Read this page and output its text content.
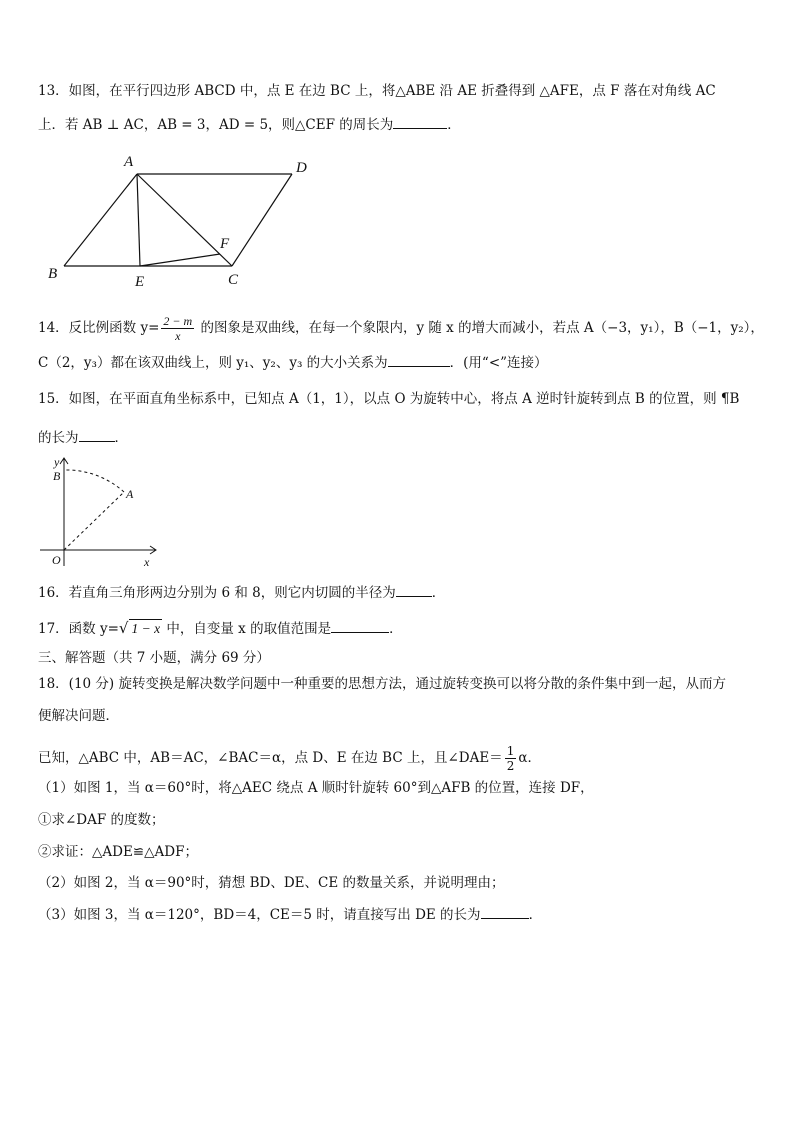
13．如图，在平行四边形 ABCD 中，点 E 在边 BC 上，将△ABE 沿 AE 折叠得到 △AFE，点 F 落在对角线 AC
上．若 AB ⊥ AC，AB = 3，AD = 5，则△CEF 的周长为	．
A	D
B	E	C
F
14．反比例函数 $y= \frac{2 - m}{x}$ 的图象是双曲线，在每一个象限内，y 随 x 的增大而减小，若点 A（−3，y₁），B（−1，y₂），
C（2，y₃）都在该双曲线上，则 y₁、y₂、y₃ 的大小关系为	．(用“<”连接）
15．如图，在平面直角坐标系中，已知点 A（1，1），以点 O 为旋转中心，将点 A 逆时针旋转到点 B 的位置，则 ¶B
的长为	．
y
x
O
A
B
16．若直角三角形两边分别为 6 和 8，则它内切圆的半径为	．
17．函数 y=√ 1 − x 中，自变量 x 的取值范围是	．
三、解答题（共 7 小题，满分 69 分）
18．(10 分) 旋转变换是解决数学问题中一种重要的思想方法，通过旋转变换可以将分散的条件集中到一起，从而方
便解决问题．
已知，△ABC 中，AB＝AC，∠BAC＝α，点 D、E 在边 BC 上，且∠DAE＝ $\frac{1}{2}$ α．
（1）如图 1，当 α＝60°时，将△AEC 绕点 A 顺时针旋转 60°到△AFB 的位置，连接 DF，
①求∠DAF 的度数；
②求证：△ADE≌△ADF；
（2）如图 2，当 α＝90°时，猜想 BD、DE、CE 的数量关系，并说明理由；
（3）如图 3，当 α＝120°，BD＝4，CE＝5 时，请直接写出 DE 的长为	．
